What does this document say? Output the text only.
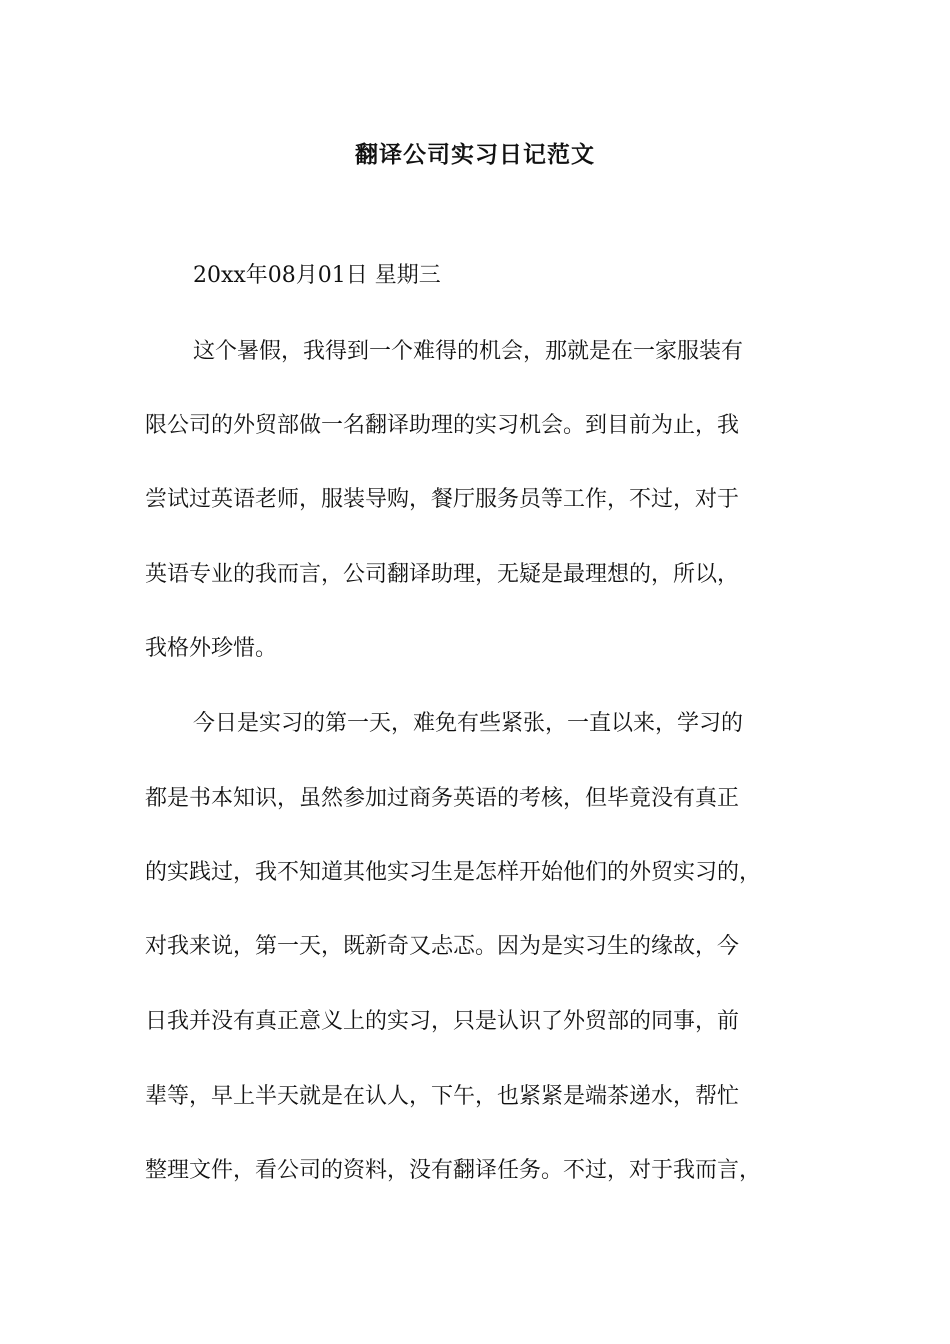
翻译公司实习日记范文

20xx年08月01日 星期三

这个暑假，我得到一个难得的机会，那就是在一家服装有

限公司的外贸部做一名翻译助理的实习机会。到目前为止，我

尝试过英语老师，服装导购，餐厅服务员等工作，不过，对于

英语专业的我而言，公司翻译助理，无疑是最理想的，所以，

我格外珍惜。

今日是实习的第一天，难免有些紧张，一直以来，学习的

都是书本知识，虽然参加过商务英语的考核，但毕竟没有真正

的实践过，我不知道其他实习生是怎样开始他们的外贸实习的，

对我来说，第一天，既新奇又忐忑。因为是实习生的缘故，今

日我并没有真正意义上的实习，只是认识了外贸部的同事，前

辈等，早上半天就是在认人，下午，也紧紧是端茶递水，帮忙

整理文件，看公司的资料，没有翻译任务。不过，对于我而言，
